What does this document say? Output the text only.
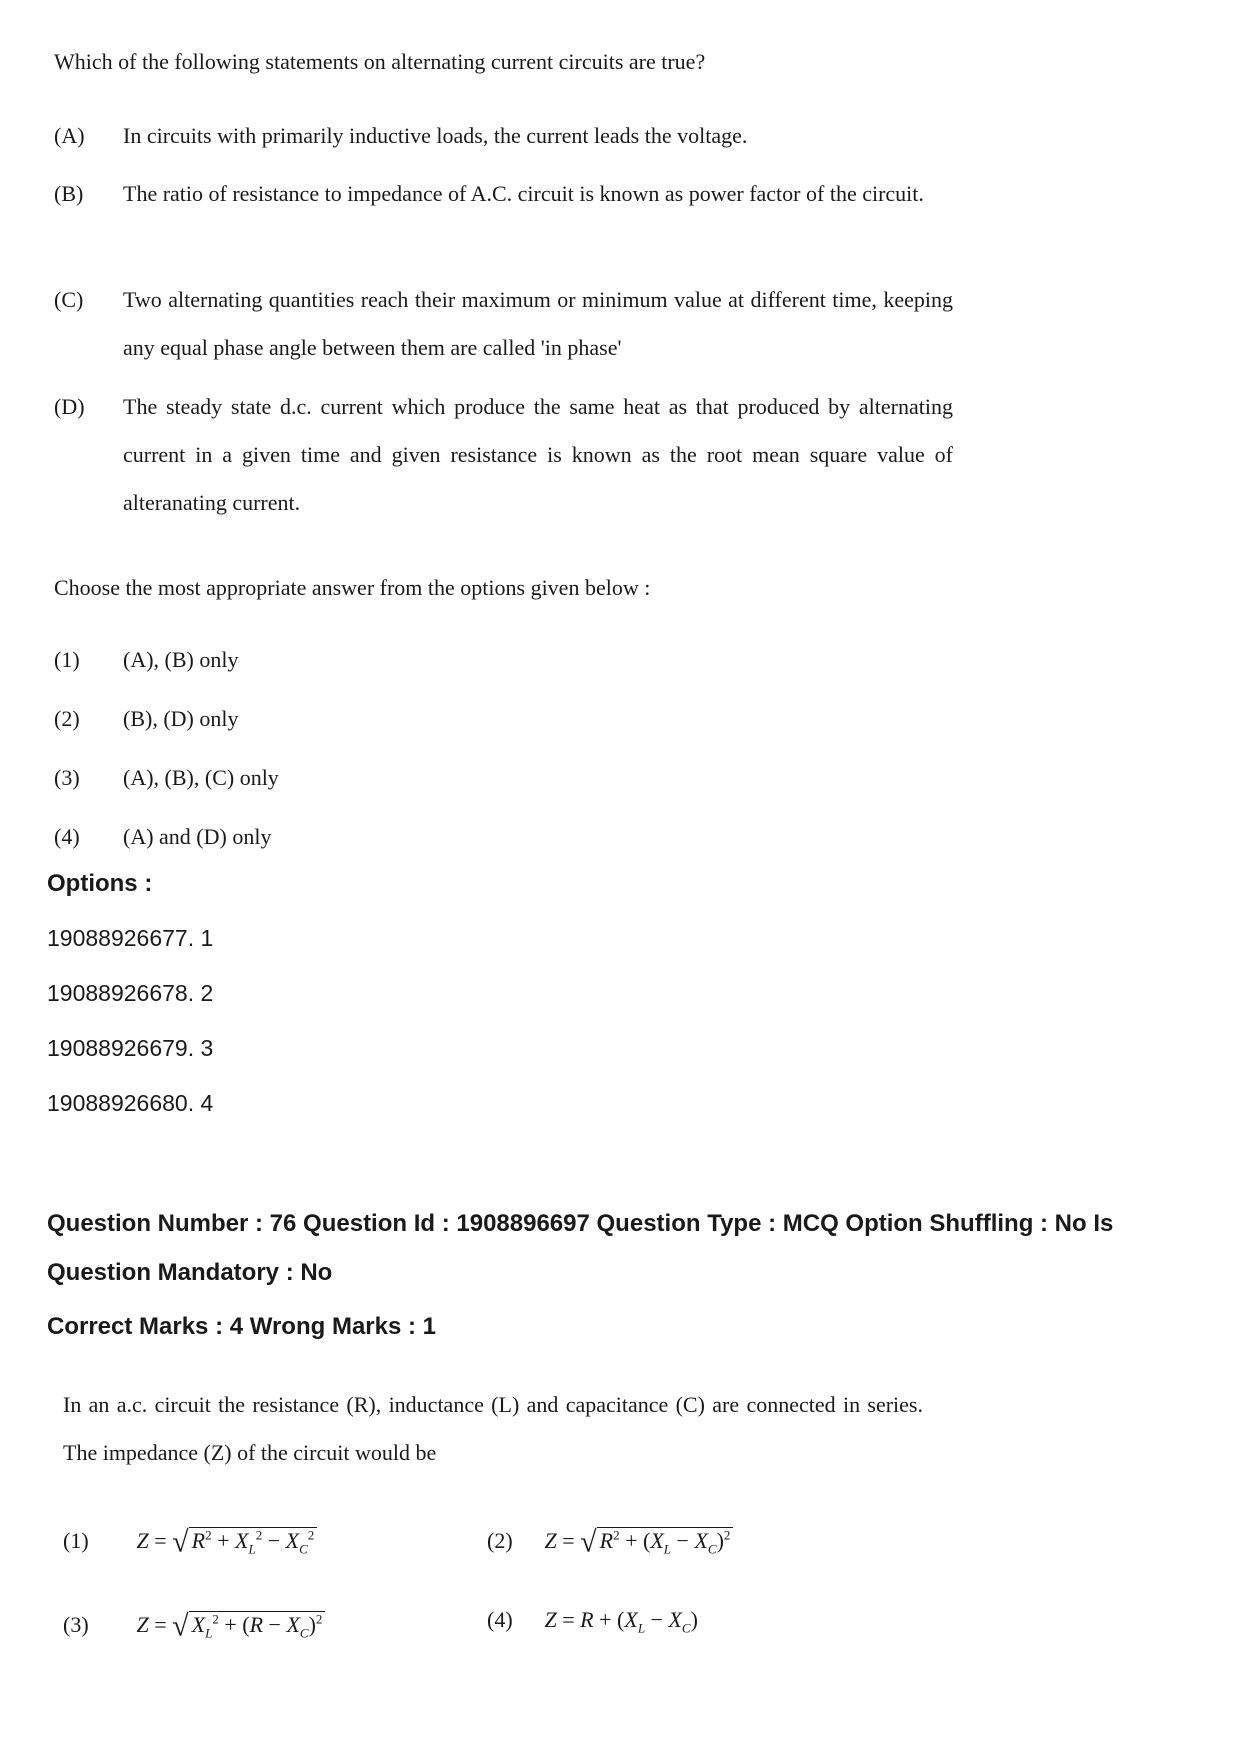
Which of the following statements on alternating current circuits are true?
(A) In circuits with primarily inductive loads, the current leads the voltage.
(B) The ratio of resistance to impedance of A.C. circuit is known as power factor of the circuit.
(C) Two alternating quantities reach their maximum or minimum value at different time, keeping any equal phase angle between them are called 'in phase'
(D) The steady state d.c. current which produce the same heat as that produced by alternating current in a given time and given resistance is known as the root mean square value of alteranating current.
Choose the most appropriate answer from the options given below :
(1) (A), (B) only
(2) (B), (D) only
(3) (A), (B), (C) only
(4) (A) and (D) only
Options :
19088926677. 1
19088926678. 2
19088926679. 3
19088926680. 4
Question Number : 76 Question Id : 1908896697 Question Type : MCQ Option Shuffling : No Is
Question Mandatory : No
Correct Marks : 4 Wrong Marks : 1
In an a.c. circuit the resistance (R), inductance (L) and capacitance (C) are connected in series. The impedance (Z) of the circuit would be
(1) Z = √ $R^2 + X_L^2 - X_C^2$	(2) Z = √ $R^2 + (X_L - X_C)^2$
(3) Z = √ $X_L^2 + (R - X_C)^2$	(4) $Z = R + (X_L - X_C)$
